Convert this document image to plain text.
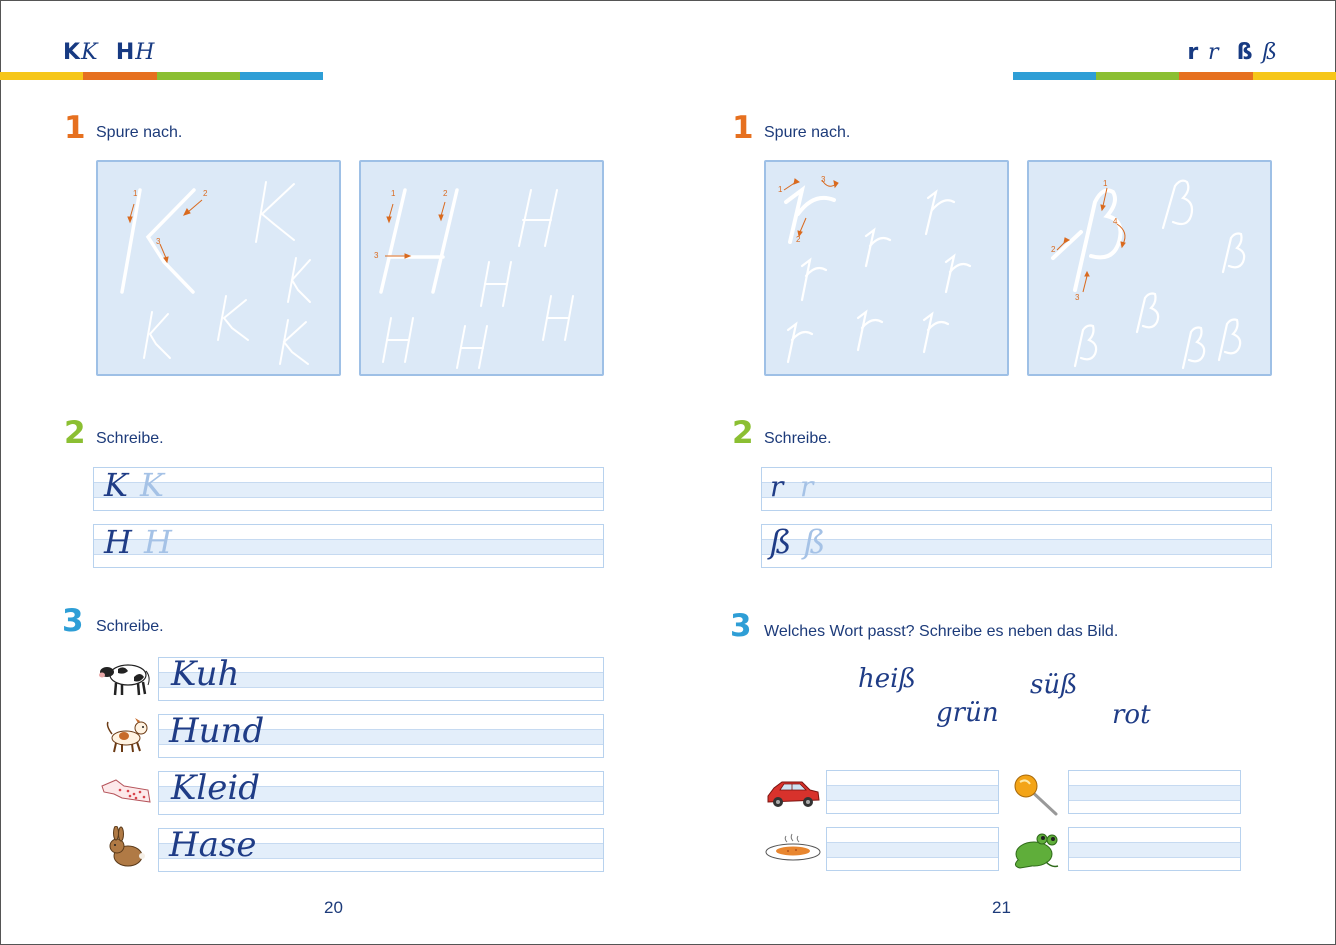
KK HH
1 Spure nach.
1	2
3
1	2
3
2 Schreibe.
K K
H H
3 Schreibe.
Kuh
Hund
Kleid
Hase
20
r r ß ß
1 Spure nach.
1
2
3	1
2
3
4
2 Schreibe.
r r
ß ß
3 Welches Wort passt? Schreibe es neben das Bild.
heiß
grün
süß
rot
21
